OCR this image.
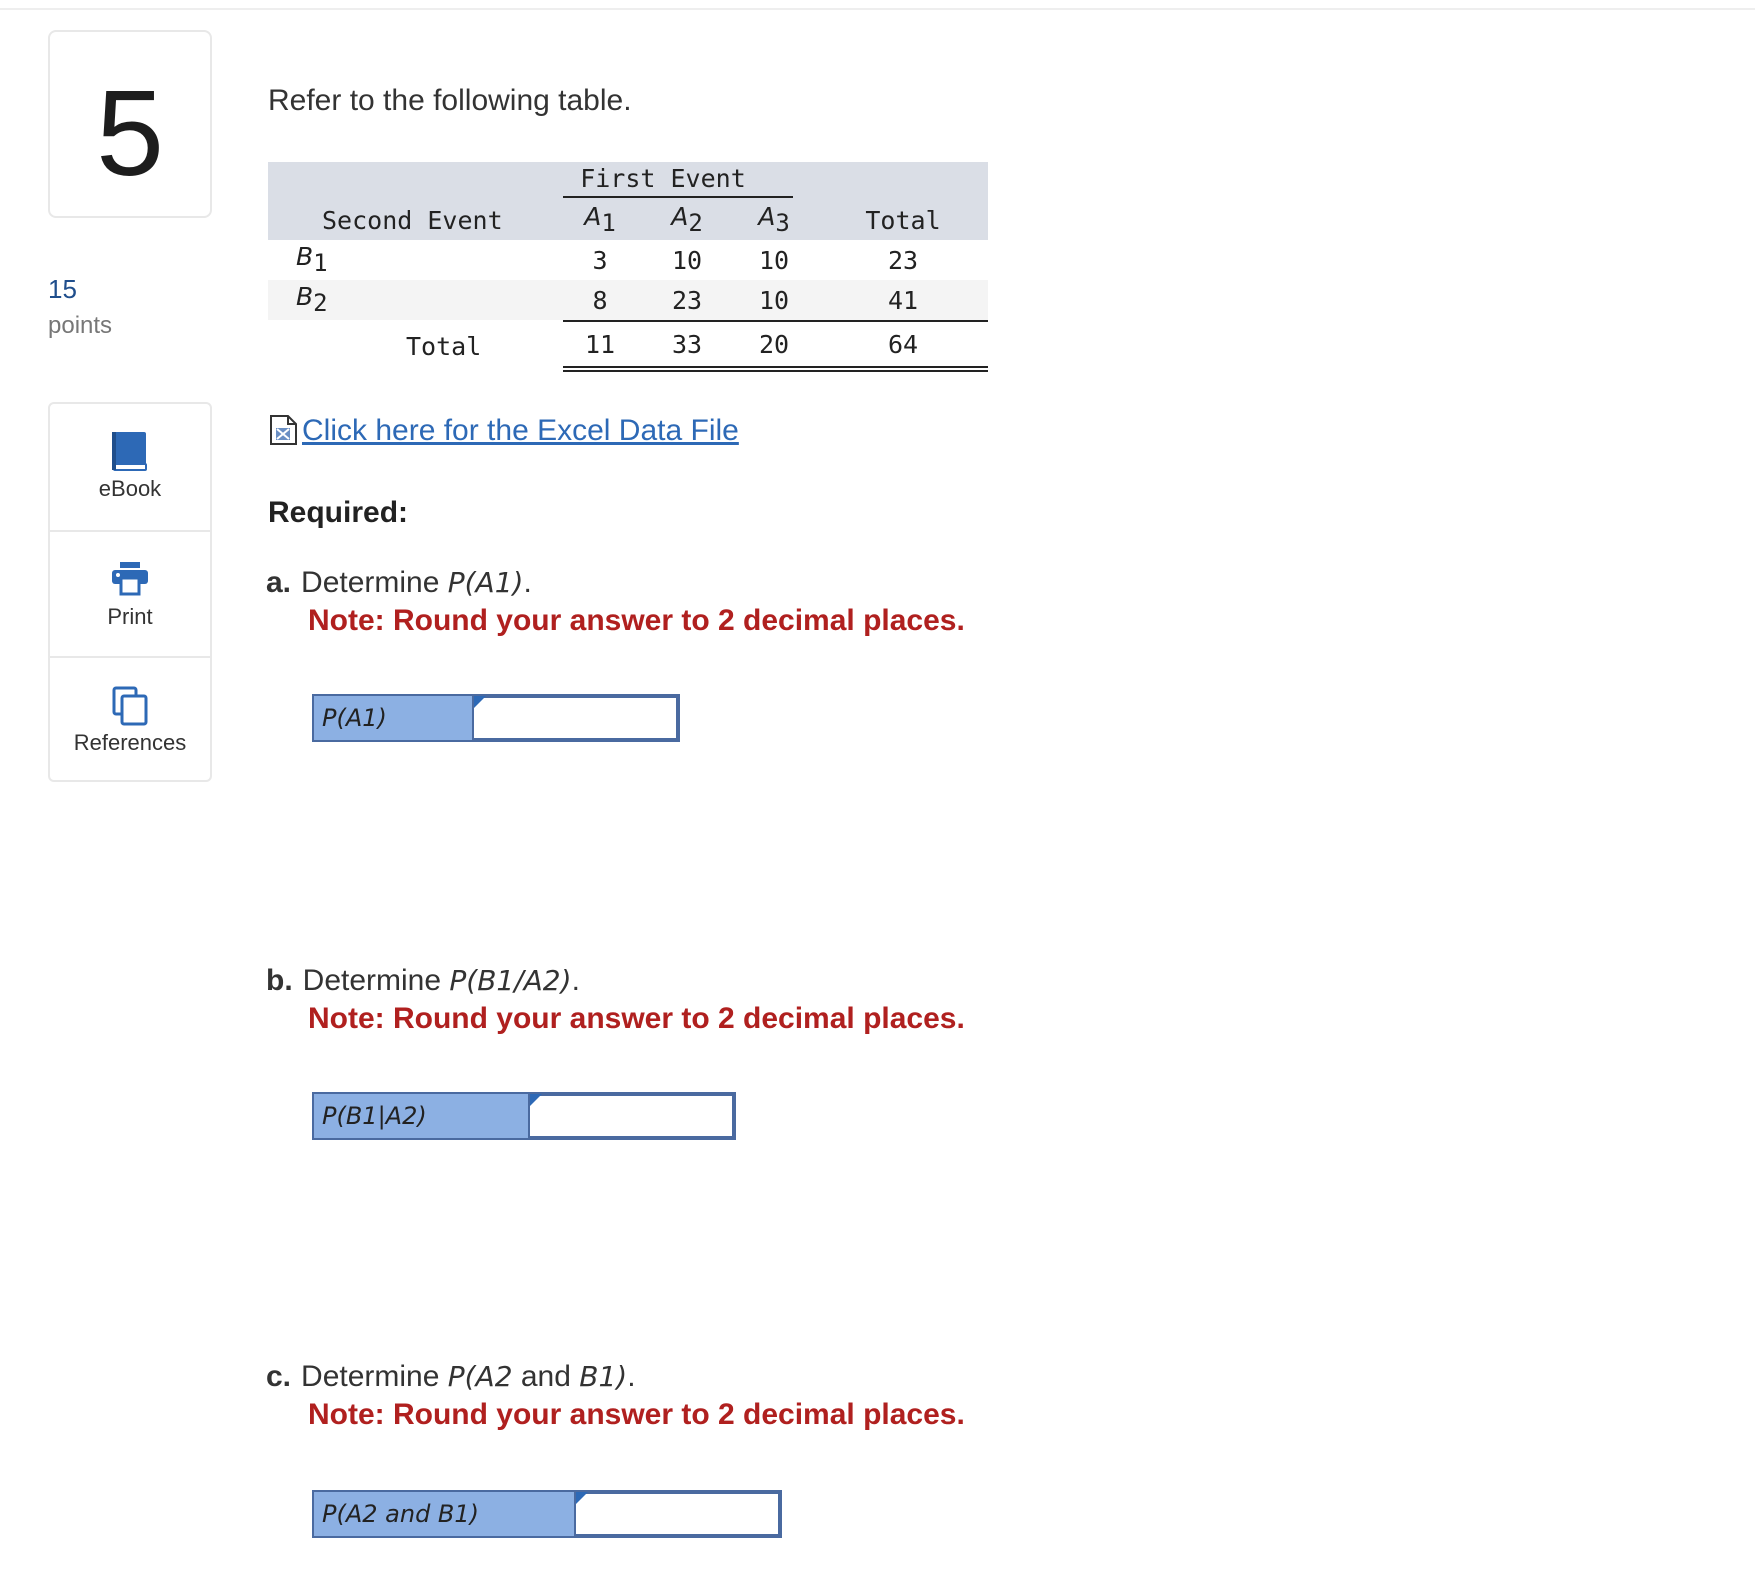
5
15
points
eBook
Print
References
Refer to the following table.
First Event
Second Event	$A_1$	$A_2$	$A_3$	Total
$B_1$	3	10	10	23
$B_2$	8	23	10	41
Total	11	33	20	64
Click here for the Excel Data File
Required:
a. Determine P(A1).
Note: Round your answer to 2 decimal places.
P(A1)
b. Determine P(B1/A2).
Note: Round your answer to 2 decimal places.
P(B1|A2)
c. Determine P(A2 and B1).
Note: Round your answer to 2 decimal places.
P(A2 and B1)
